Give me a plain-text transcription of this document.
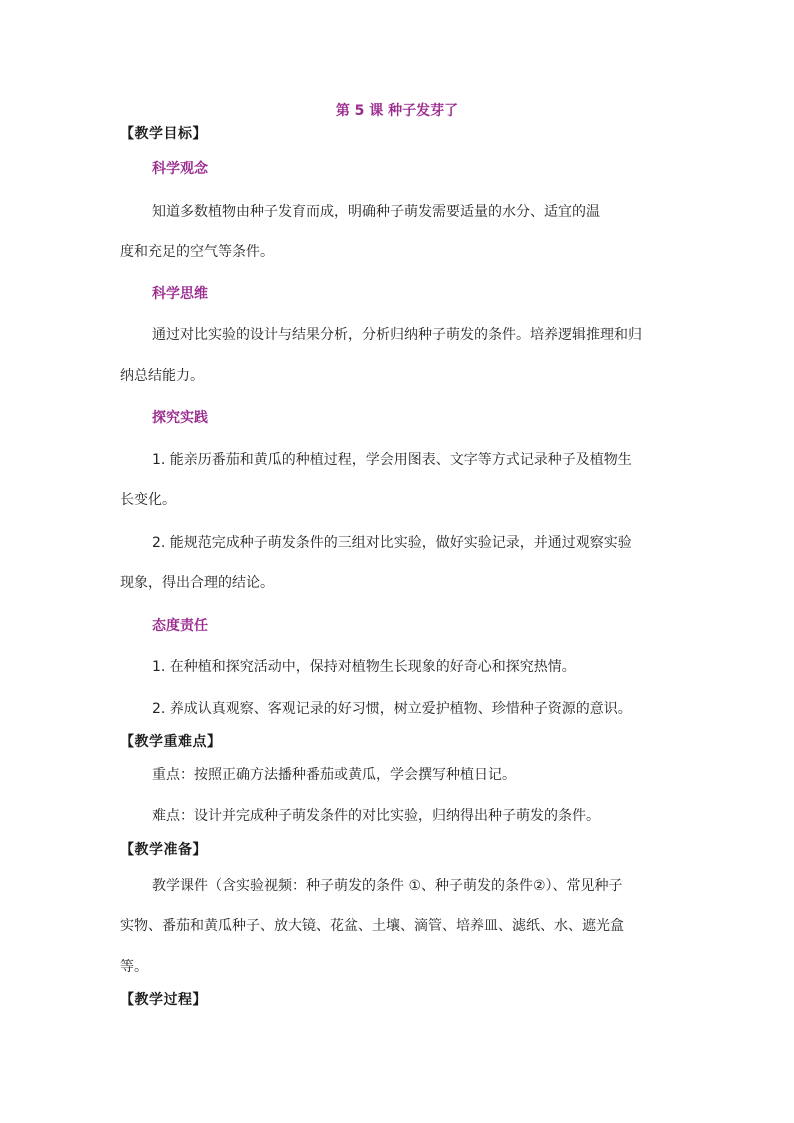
第 5 课 种子发芽了
【教学目标】
科学观念
知道多数植物由种子发育而成，明确种子萌发需要适量的水分、适宜的温
度和充足的空气等条件。
科学思维
通过对比实验的设计与结果分析，分析归纳种子萌发的条件。培养逻辑推理和归
纳总结能力。
探究实践
1. 能亲历番茄和黄瓜的种植过程，学会用图表、文字等方式记录种子及植物生
长变化。
2. 能规范完成种子萌发条件的三组对比实验，做好实验记录，并通过观察实验
现象，得出合理的结论。
态度责任
1. 在种植和探究活动中，保持对植物生长现象的好奇心和探究热情。
2. 养成认真观察、客观记录的好习惯，树立爱护植物、珍惜种子资源的意识。
【教学重难点】
重点：按照正确方法播种番茄或黄瓜，学会撰写种植日记。
难点：设计并完成种子萌发条件的对比实验，归纳得出种子萌发的条件。
【教学准备】
教学课件（含实验视频：种子萌发的条件 ①、种子萌发的条件②）、常见种子
实物、番茄和黄瓜种子、放大镜、花盆、土壤、滴管、培养皿、滤纸、水、遮光盒
等。
【教学过程】
